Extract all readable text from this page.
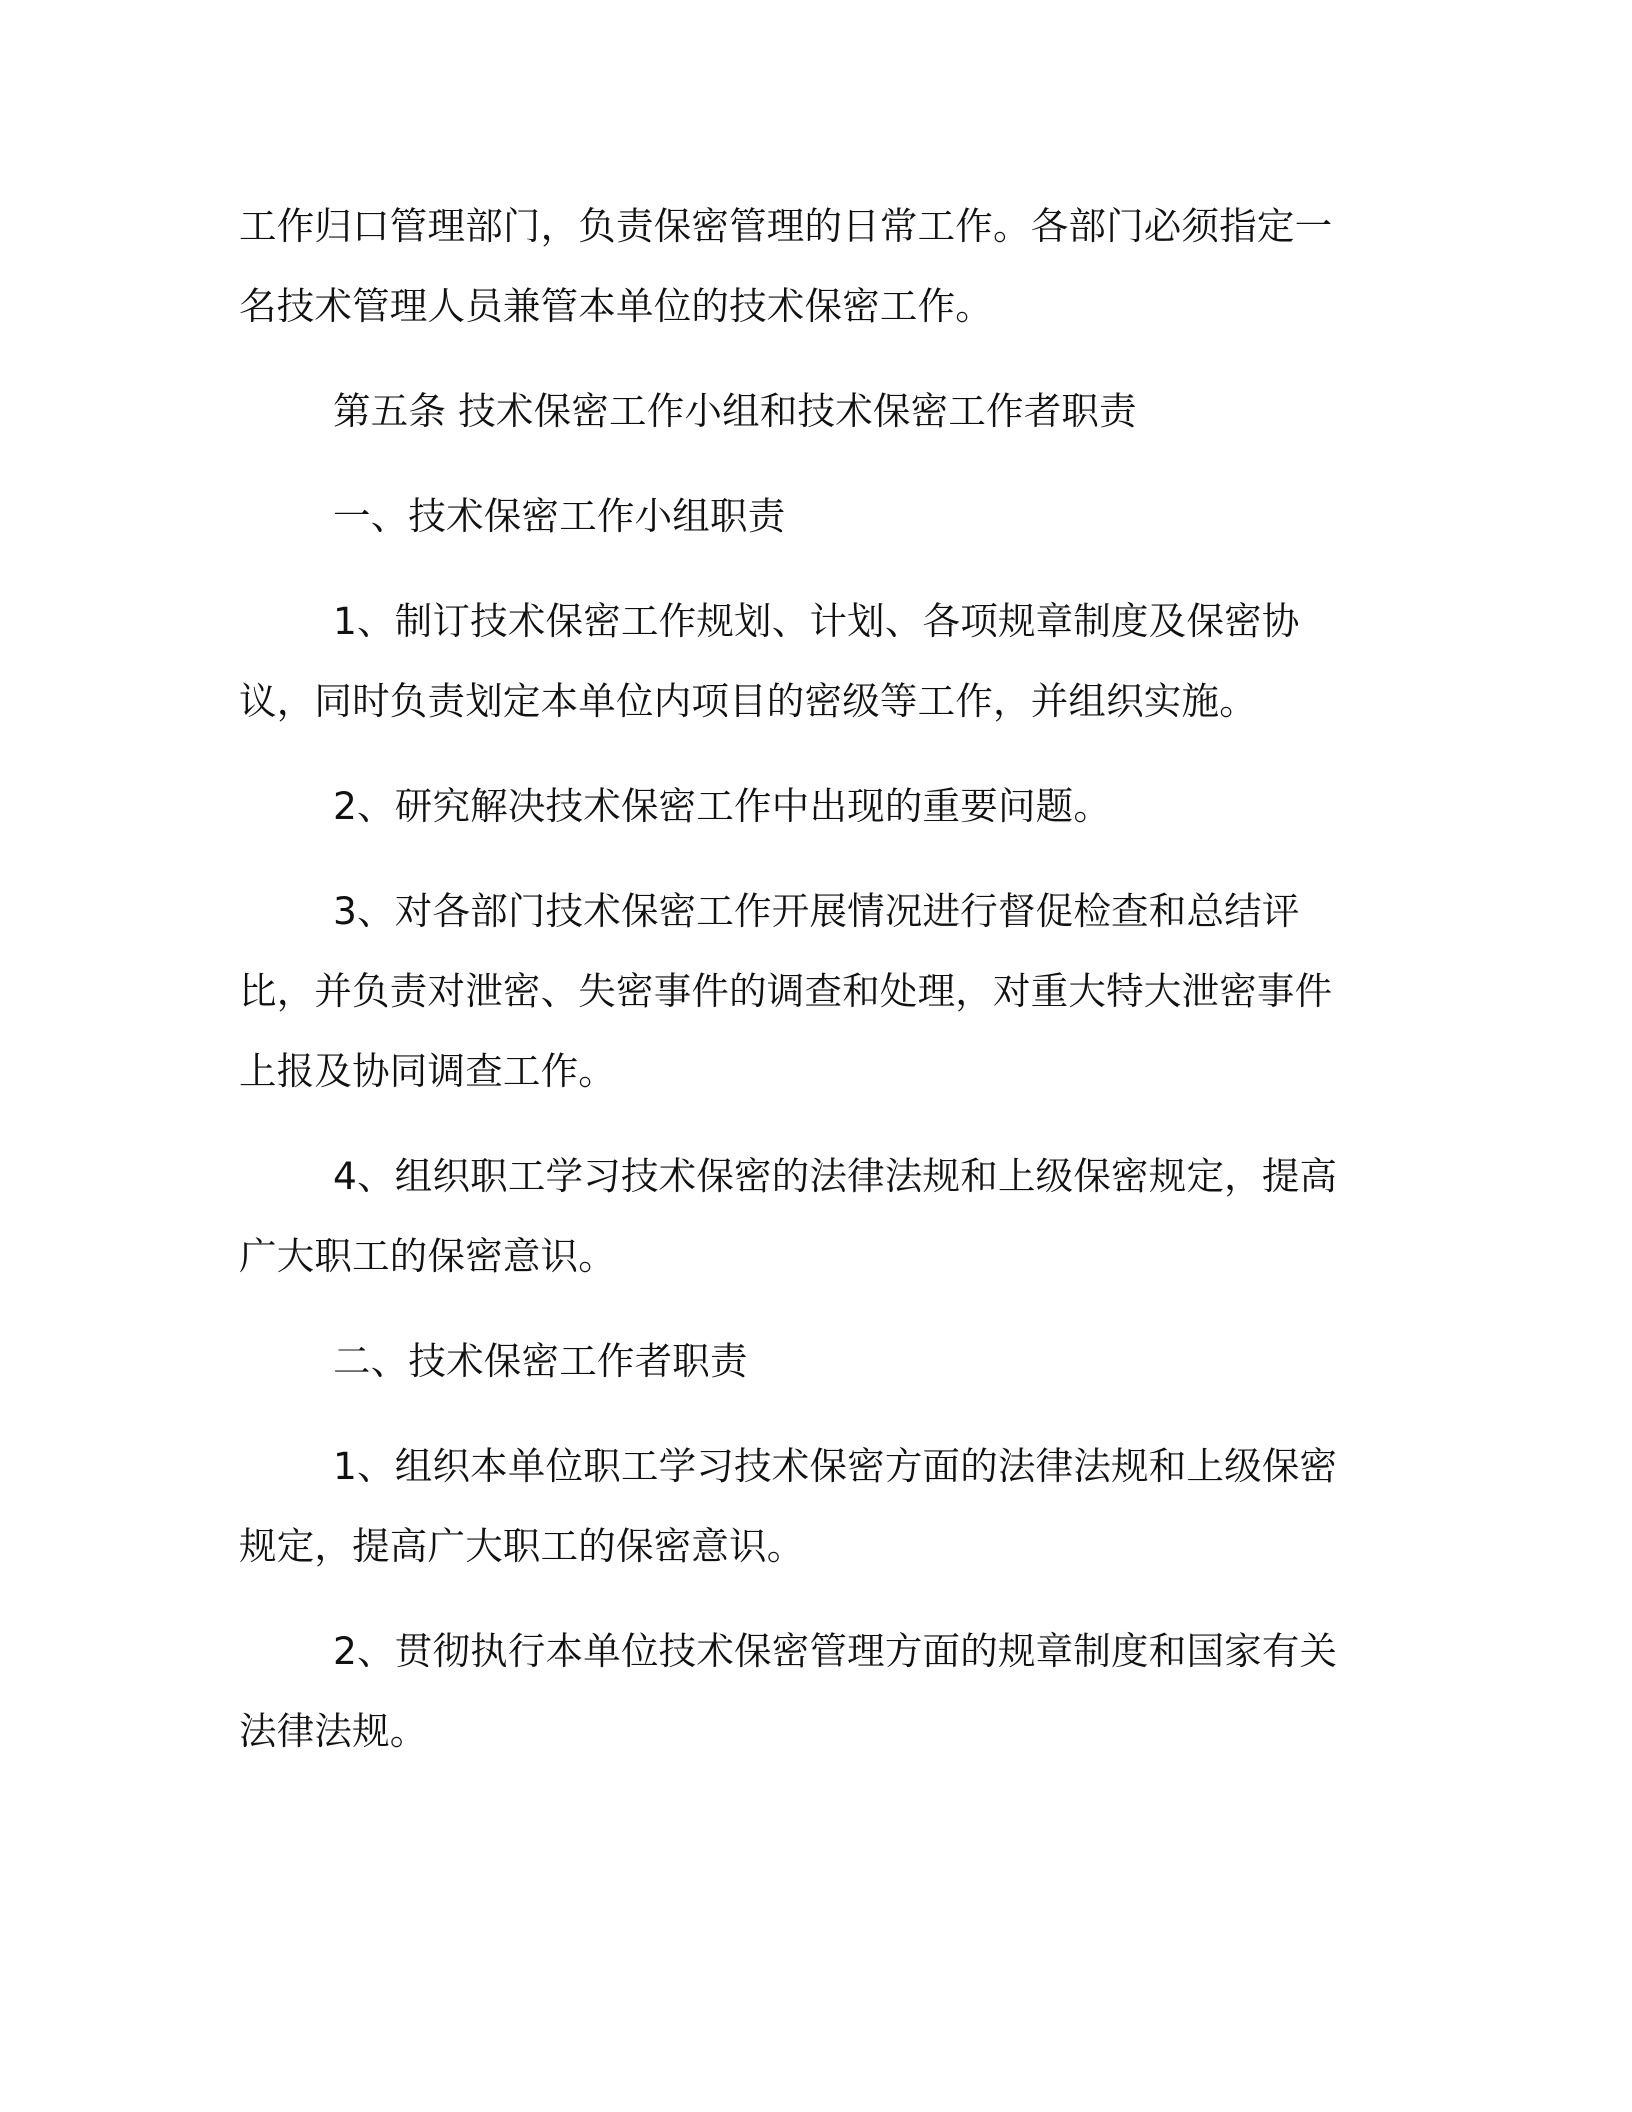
工作归口管理部门，负责保密管理的日常工作。各部门必须指定一名技术管理人员兼管本单位的技术保密工作。

第五条 技术保密工作小组和技术保密工作者职责

一、技术保密工作小组职责

1、制订技术保密工作规划、计划、各项规章制度及保密协议，同时负责划定本单位内项目的密级等工作，并组织实施。

2、研究解决技术保密工作中出现的重要问题。

3、对各部门技术保密工作开展情况进行督促检查和总结评比，并负责对泄密、失密事件的调查和处理，对重大特大泄密事件上报及协同调查工作。

4、组织职工学习技术保密的法律法规和上级保密规定，提高广大职工的保密意识。

二、技术保密工作者职责

1、组织本单位职工学习技术保密方面的法律法规和上级保密规定，提高广大职工的保密意识。

2、贯彻执行本单位技术保密管理方面的规章制度和国家有关法律法规。
